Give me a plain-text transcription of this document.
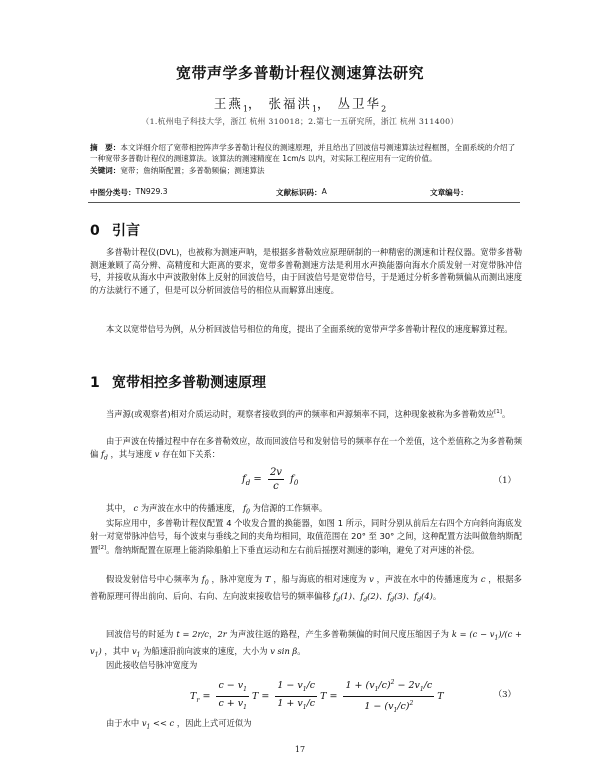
宽带声学多普勒计程仪测速算法研究
王燕$_1$， 张福洪$_1$， 丛卫华$_2$
（1.杭州电子科技大学，浙江 杭州 310018；2.第七一五研究所，浙江 杭州 311400）
摘　要：本文详细介绍了宽带相控阵声学多普勒计程仪的测速原理，并且给出了回波信号测速算法过程框图，全面系统的介绍了一种宽带多普勒计程仪的测速算法。该算法的测速精度在 1cm/s 以内，对实际工程应用有一定的价值。
关键词：宽带；詹纳斯配置；多普勒频偏；测速算法
中图分类号： TN929.3	文献标识码： A	文章编号：
0 引言
多普勒计程仪(DVL)，也被称为测速声呐，是根据多普勒效应原理研制的一种精密的测速和计程仪器。宽带多普勒测速兼顾了高分辨、高精度和大距离的要求，宽带多普勒测速方法是利用水声换能器向海水介质发射一对宽带脉冲信号，并接收从海水中声波散射体上反射的回波信号，由于回波信号是宽带信号，于是通过分析多普勒频偏从而测出速度的方法就行不通了，但是可以分析回波信号的相位从而解算出速度。
本文以宽带信号为例，从分析回波信号相位的角度，提出了全面系统的宽带声学多普勒计程仪的速度解算过程。
1 宽带相控多普勒测速原理
当声源(或观察者)相对介质运动时，观察者接收到的声的频率和声源频率不同，这种现象被称为多普勒效应[1]。
由于声波在传播过程中存在多普勒效应，故而回波信号和发射信号的频率存在一个差值，这个差值称之为多普勒频偏 $f_d$ ，其与速度 v 存在如下关系：
$f_d = \frac{2v}{c} f_0$	（1）
其中， c 为声波在水中的传播速度， $f_0$ 为信源的工作频率。
实际应用中，多普勒计程仪配置 4 个收发合置的换能器，如图 1 所示，同时分别从前后左右四个方向斜向海底发射一对宽带脉冲信号，每个波束与垂线之间的夹角均相同，取值范围在 20° 至 30° 之间，这种配置方法叫做詹纳斯配置[2]。詹纳斯配置在原理上能消除船舶上下垂直运动和左右前后摇摆对测速的影响，避免了对声速的补偿。
假设发射信号中心频率为 $f_0$ ，脉冲宽度为 T ，船与海底的相对速度为 v ，声波在水中的传播速度为 c ，根据多普勒原理可得出前向、后向、右向、左向波束接收信号的频率偏移 $f_d(1)$、$f_d(2)$、$f_d(3)$、$f_d(4)$。
回波信号的时延为 t = 2r/c，2r 为声波往返的路程，产生多普勒频偏的时间尺度压缩因子为 $k = (c - v_1)/(c + v_1)$ ，其中 $v_1$ 为船速沿前向波束的速度，大小为 v sin β。
因此接收信号脉冲宽度为
$T_r = \frac{c - v_1}{c + v_1}$ $T = \frac{1 - v_1/c}{1 + v_1/c}$ $T = \frac{1 + (v_1/c)^2 - 2v_1/c}{1 - (v_1/c)^2}$ T	（3）
由于水中 $v_1 << c$ ，因此上式可近似为
17
